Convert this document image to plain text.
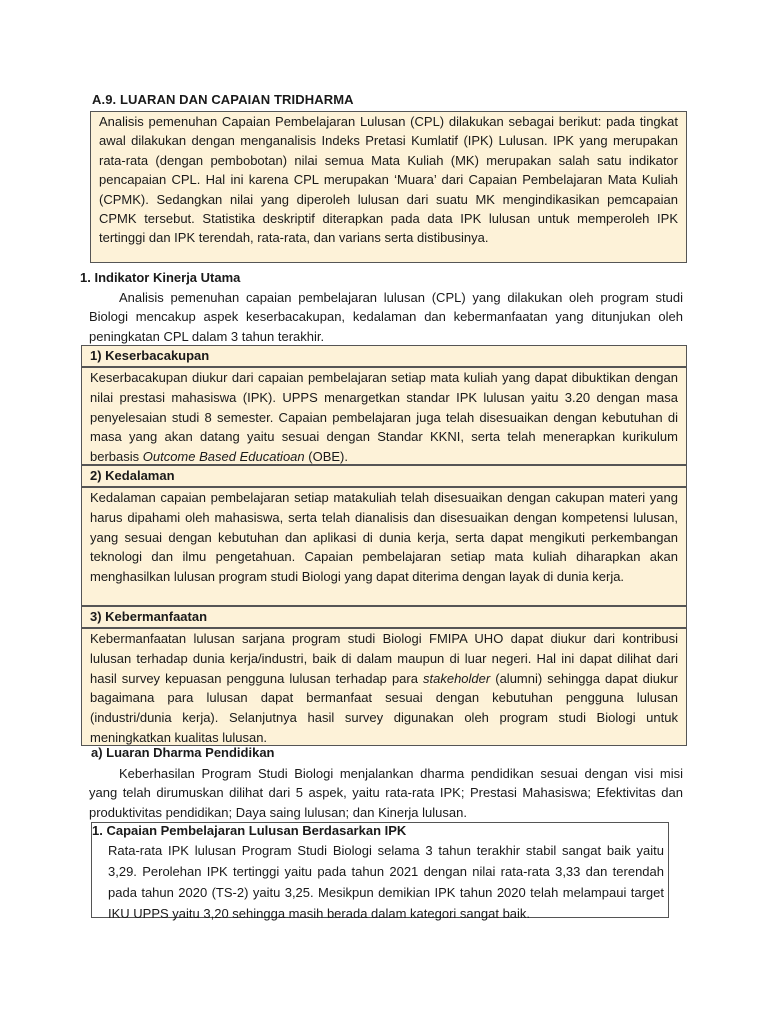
A.9. LUARAN DAN CAPAIAN TRIDHARMA
Analisis pemenuhan Capaian Pembelajaran Lulusan (CPL) dilakukan sebagai berikut: pada tingkat awal dilakukan dengan menganalisis Indeks Pretasi Kumlatif (IPK) Lulusan. IPK yang merupakan rata-rata (dengan pembobotan) nilai semua Mata Kuliah (MK) merupakan salah satu indikator pencapaian CPL. Hal ini karena CPL merupakan ‘Muara’ dari Capaian Pembelajaran Mata Kuliah (CPMK). Sedangkan nilai yang diperoleh lulusan dari suatu MK mengindikasikan pemcapaian CPMK tersebut. Statistika deskriptif diterapkan pada data IPK lulusan untuk memperoleh IPK tertinggi dan IPK terendah, rata-rata, dan varians serta distibusinya.
1. Indikator Kinerja Utama
Analisis pemenuhan capaian pembelajaran lulusan (CPL) yang dilakukan oleh program studi Biologi mencakup aspek keserbacakupan, kedalaman dan kebermanfaatan yang ditunjukan oleh peningkatan CPL dalam 3 tahun terakhir.
1) Keserbacakupan
Keserbacakupan diukur dari capaian pembelajaran setiap mata kuliah yang dapat dibuktikan dengan nilai prestasi mahasiswa (IPK). UPPS menargetkan standar IPK lulusan yaitu 3.20 dengan masa penyelesaian studi 8 semester. Capaian pembelajaran juga telah disesuaikan dengan kebutuhan di masa yang akan datang yaitu sesuai dengan Standar KKNI, serta telah menerapkan kurikulum berbasis Outcome Based Educatioan (OBE).
2) Kedalaman
Kedalaman capaian pembelajaran setiap matakuliah telah disesuaikan dengan cakupan materi yang harus dipahami oleh mahasiswa, serta telah dianalisis dan disesuaikan dengan kompetensi lulusan, yang sesuai dengan kebutuhan dan aplikasi di dunia kerja, serta dapat mengikuti perkembangan teknologi dan ilmu pengetahuan. Capaian pembelajaran setiap mata kuliah diharapkan akan menghasilkan lulusan program studi Biologi yang dapat diterima dengan layak di dunia kerja.
3) Kebermanfaatan
Kebermanfaatan lulusan sarjana program studi Biologi FMIPA UHO dapat diukur dari kontribusi lulusan terhadap dunia kerja/industri, baik di dalam maupun di luar negeri. Hal ini dapat dilihat dari hasil survey kepuasan pengguna lulusan terhadap para stakeholder (alumni) sehingga dapat diukur bagaimana para lulusan dapat bermanfaat sesuai dengan kebutuhan pengguna lulusan (industri/dunia kerja). Selanjutnya hasil survey digunakan oleh program studi Biologi untuk meningkatkan kualitas lulusan.
a) Luaran Dharma Pendidikan
Keberhasilan Program Studi Biologi menjalankan dharma pendidikan sesuai dengan visi misi yang telah dirumuskan dilihat dari 5 aspek, yaitu rata-rata IPK; Prestasi Mahasiswa; Efektivitas dan produktivitas pendidikan; Daya saing lulusan; dan Kinerja lulusan.
1. Capaian Pembelajaran Lulusan Berdasarkan IPK
Rata-rata IPK lulusan Program Studi Biologi selama 3 tahun terakhir stabil sangat baik yaitu 3,29. Perolehan IPK tertinggi yaitu pada tahun 2021 dengan nilai rata-rata 3,33 dan terendah pada tahun 2020 (TS-2) yaitu 3,25. Mesikpun demikian IPK tahun 2020 telah melampaui target IKU UPPS yaitu 3,20 sehingga masih berada dalam kategori sangat baik.
